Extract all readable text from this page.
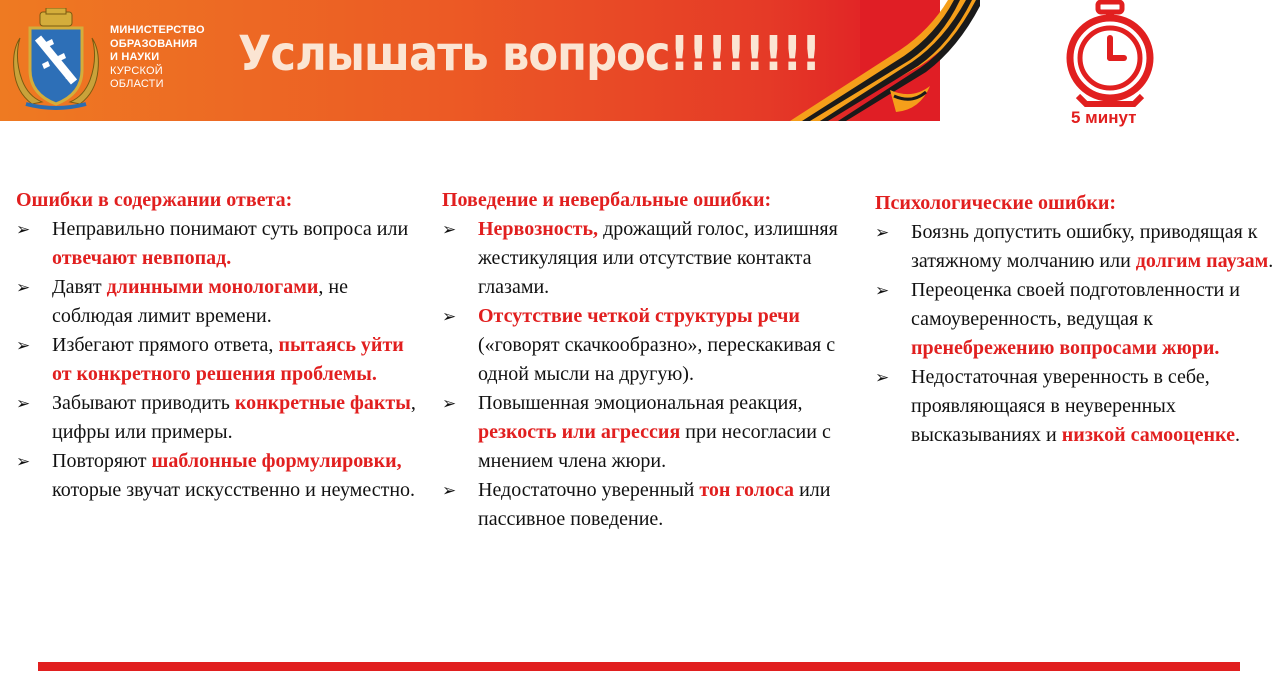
МИНИСТЕРСТВО
ОБРАЗОВАНИЯ
И НАУКИ
КУРСКОЙ
ОБЛАСТИ
Услышать вопрос!!!!!!!!
5 минут

Ошибки в содержании ответа:

➢ Неправильно понимают суть вопроса или отвечают невпопад.
➢ Давят длинными монологами, не соблюдая лимит времени.
➢ Избегают прямого ответа, пытаясь уйти от конкретного решения проблемы.
➢ Забывают приводить конкретные факты, цифры или примеры.
➢ Повторяют шаблонные формулировки, которые звучат искусственно и неуместно.

Поведение и невербальные ошибки:

➢ Нервозность, дрожащий голос, излишняя жестикуляция или отсутствие контакта глазами.
➢ Отсутствие четкой структуры речи («говорят скачкообразно», перескакивая с одной мысли на другую).
➢ Повышенная эмоциональная реакция, резкость или агрессия при несогласии с мнением члена жюри.
➢ Недостаточно уверенный тон голоса или пассивное поведение.

Психологические ошибки:

➢ Боязнь допустить ошибку, приводящая к затяжному молчанию или долгим паузам.
➢ Переоценка своей подготовленности и самоуверенность, ведущая к пренебрежению вопросами жюри.
➢ Недостаточная уверенность в себе, проявляющаяся в неуверенных высказываниях и низкой самооценке.
